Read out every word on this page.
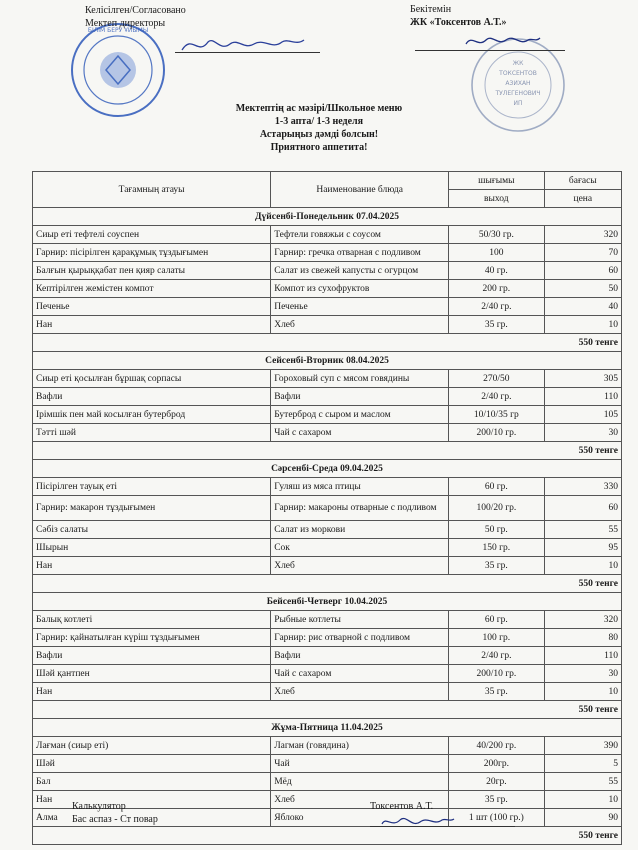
БІЛІМ БЕРУ ҰЙЫМЫ
ЖК
ТОКСЕНТОВ
АЗИХАН
ТУЛЕГЕНОВИЧ
ИП
Келісілген/Согласовано
Мектеп директоры
Бекітемін
ЖК «Токсентов А.Т.»
Мектептің ас мәзірі/Школьное меню
1-3 апта/ 1-3 неделя
Астарыңыз дәмді болсын!
Приятного аппетита!
Тағамның атауы	Наименование блюда	шығымы	бағасы
		выход	цена
Дүйсенбі-Понедельник 07.04.2025			
Сиыр еті тефтелі соуспен	Тефтели говяжьи с соусом	50/30 гр.	320
Гарнир: пісірілген қарақұмық тұздығымен	Гарнир: гречка отварная с подливом	100	70
Балғын қырыққабат пен қияр салаты	Салат из свежей капусты с огурцом	40 гр.	60
Кептірілген жемістен компот	Компот из сухофруктов	200 гр.	50
Печенье	Печенье	2/40 гр.	40
Нан	Хлеб	35 гр.	10
550 тенге			
Сейсенбі-Вторник 08.04.2025			
Сиыр еті қосылған бұршақ сорпасы	Гороховый суп с мясом говядины	270/50	305
Вафли	Вафли	2/40 гр.	110
Ірімшік пен май косылған бутерброд	Бутерброд с сыром и маслом	10/10/35 гр	105
Тәтті шәй	Чай с сахаром	200/10 гр.	30
550 тенге			
Сәрсенбі-Среда 09.04.2025			
Пісірілген тауық еті	Гуляш из мяса птицы	60 гр.	330
Гарнир: макарон тұздығымен	Гарнир: макароны отварные с подливом	100/20 гр.	60
Сәбіз салаты	Салат из моркови	50 гр.	55
Шырын	Сок	150 гр.	95
Нан	Хлеб	35 гр.	10
550 тенге			
Бейсенбі-Четверг 10.04.2025			
Балық котлеті	Рыбные котлеты	60 гр.	320
Гарнир: қайнатылған күріш тұздығымен	Гарнир: рис отварной с подливом	100 гр.	80
Вафли	Вафли	2/40 гр.	110
Шәй қантпен	Чай с сахаром	200/10 гр.	30
Нан	Хлеб	35 гр.	10
550 тенге			
Жұма-Пятница 11.04.2025			
Лағман (сиыр еті)	Лагман (говядина)	40/200 гр.	390
Шәй	Чай	200гр.	5
Бал	Мёд	20гр.	55
Нан	Хлеб	35 гр.	10
Алма	Яблоко	1 шт (100 гр.)	90
550 тенге			
Калькулятор
Бас аспаз - Ст повар
Токсентов А.Т.
